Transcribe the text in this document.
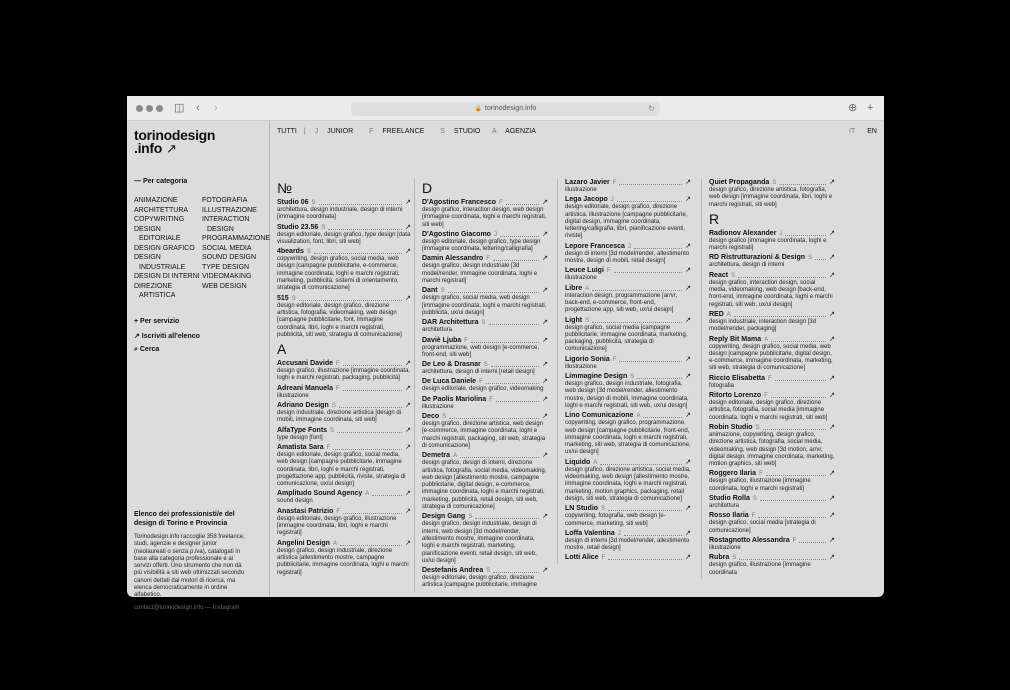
◫ ‹ ›	🔒 torinodesign.info	↻	⊕ +
torinodesign
.info ↗
— Per categoria
ANIMAZIONE
ARCHITETTURA
COPYWRITING
DESIGN
EDITORIALE
DESIGN GRAFICO
DESIGN
INDUSTRIALE
DESIGN DI INTERNI
DIREZIONE
ARTISTICA
FOTOGRAFIA
ILLUSTRAZIONE
INTERACTION
DESIGN
PROGRAMMAZIONE
SOCIAL MEDIA
SOUND DESIGN
TYPE DESIGN
VIDEOMAKING
WEB DESIGN
+ Per servizio
↗ Iscriviti all'elenco
⌕ Cerca
Elenco dei professionisti/e del design di Torino e Provincia
Torinodesign.info raccoglie 358 freelance, studi, agenzie e designer junior (neolaureati o senza p.iva), catalogati in base alla categoria professionale e ai servizi offerti. Uno strumento che non dà più visibilità a siti web ottimizzati secondo canoni dettati dai motori di ricerca, ma elenca democraticamente in ordine alfabetico.
contact@torinodesign.info — Instagram
TUTTI | J JUNIOR F FREELANCE S STUDIO A AGENZIA	IT EN
№
Studio 06 S	↗
architettura, design industriale, design di interni [immagine coordinata]
Studio 23.56 S	↗
design editoriale, design grafico, type design [data visualization, font, libri, siti web]
4beards S	↗
copywriting, design grafico, social media, web design [campagne pubblicitarie, e-commerce, immagine coordinata, loghi e marchi registrati, marketing, pubblicità, sistemi di orientamento, strategia di comunicazione]
515 S	↗
design editoriale, design grafico, direzione artistica, fotografia, videomaking, web design [campagne pubblicitarie, font, immagine coordinata, libri, loghi e marchi registrati, pubblicità, siti web, strategia di comunicazione]
A
Accusani Davide F	↗
design grafico, illustrazione [immagine coordinata, loghi e marchi registrati, packaging, pubblicità]
Adreani Manuela F	↗
illustrazione
Adriano Design S	↗
design industriale, direzione artistica [design di mobili, immagine coordinata, siti web]
AlfaType Fonts S	↗
type design [font]
Amatista Sara F	↗
design editoriale, design grafico, social media, web design [campagne pubblicitarie, immagine coordinata, libri, loghi e marchi registrati, progettazione app, pubblicità, riviste, strategia di comunicazione, ux/ui design]
Amplitudo Sound Agency A	↗
sound design
Anastasi Patrizio F	↗
design editoriale, design grafico, illustrazione [immagine coordinata, libri, loghi e marchi registrati]
Angelini Design A	↗
design grafico, design industriale, direzione artistica [allestimento mostre, campagne pubblicitarie, immagine coordinata, loghi e marchi registrati]
D
D'Agostino Francesco F	↗
design grafico, interaction design, web design [immagine coordinata, loghi e marchi registrati, siti web]
D'Agostino Giacomo J	↗
design editoriale, design grafico, type design [immagine coordinata, lettering/calligrafia]
Damin Alessandro F	↗
design grafico, design industriale [3d model/render, immagine coordinata, loghi e marchi registrati]
Dant S	↗
design grafico, social media, web design [immagine coordinata, loghi e marchi registrati, pubblicità, ux/ui design]
DAR Architettura S	↗
architettura
Daviè Ljuba F	↗
programmazione, web design [e-commerce, front-end, siti web]
De Leo & Drasnar S	↗
architettura, design di interni [retail design]
De Luca Daniele F	↗
design editoriale, design grafico, videomaking
De Paolis Mariolina F	↗
illustrazione
Deco S	↗
design grafico, direzione artistica, web design [e-commerce, immagine coordinata, loghi e marchi registrati, packaging, siti web, strategia di comunicazione]
Demetra A	↗
design grafico, design di interni, direzione artistica, fotografia, social media, videomaking, web design [allestimento mostre, campagne pubblicitarie, digital design, e-commerce, immagine coordinata, loghi e marchi registrati, marketing, pubblicità, retail design, siti web, strategia di comunicazione]
Design Gang S	↗
design grafico, design industriale, design di interni, web design [3d model/render, allestimento mostre, immagine coordinata, loghi e marchi registrati, marketing, pianificazione eventi, retail design, siti web, ux/ui design]
Destefanis Andrea S	↗
design editoriale, design grafico, direzione artistica [campagne pubblicitarie, immagine
Lazaro Javier F	↗
illustrazione
Lega Jacopo J	↗
design editoriale, design grafico, direzione artistica, illustrazione [campagne pubblicitarie, digital design, immagine coordinata, lettering/calligrafia, libri, pianificazione eventi, riviste]
Lepore Francesca J	↗
design di interni [3d model/render, allestimento mostre, design di mobili, retail design]
Leuce Luigi F	↗
illustrazione
Libre A	↗
interaction design, programmazione [ar/vr, back-end, e-commerce, front-end, progettazione app, siti web, ux/ui design]
Light S	↗
design grafico, social media [campagne pubblicitarie, immagine coordinata, marketing, packaging, pubblicità, strategia di comunicazione]
Ligorio Sonia F	↗
illustrazione
Limmagine Design S	↗
design grafico, design industriale, fotografia, web design [3d model/render, allestimento mostre, design di mobili, immagine coordinata, loghi e marchi registrati, siti web, ux/ui design]
Lino Comunicazione A	↗
copywriting, design grafico, programmazione, web design [campagne pubblicitarie, front-end, immagine coordinata, loghi e marchi registrati, marketing, siti web, strategia di comunicazione, ux/ui design]
Liquido A	↗
design grafico, direzione artistica, social media, videomaking, web design [allestimento mostre, immagine coordinata, loghi e marchi registrati, marketing, motion graphics, packaging, retail design, siti web, strategia di comunicazione]
LN Studio S	↗
copywriting, fotografia, web design [e-commerce, marketing, siti web]
Loffa Valentina J	↗
design di interni [3d model/render, allestimento mostre, retail design]
Lotti Alice F	↗
Quiet Propaganda S	↗
design grafico, direzione artistica, fotografia, web design [immagine coordinata, libri, loghi e marchi registrati, siti web]
R
Radionov Alexander J	↗
design grafico [immagine coordinata, loghi e marchi registrati]
RD Ristrutturazioni & Design S ↗
architettura, design di interni
React S	↗
design grafico, interaction design, social media, videomaking, web design [back-end, front-end, immagine coordinata, loghi e marchi registrati, siti web, ux/ui design]
RED A	↗
design industriale, interaction design [3d model/render, packaging]
Reply Bit Mama A	↗
copywriting, design grafico, social media, web design [campagne pubblicitarie, digital design, e-commerce, immagine coordinata, marketing, siti web, strategia di comunicazione]
Riccio Elisabetta F	↗
fotografia
Ritorto Lorenzo F	↗
design editoriale, design grafico, direzione artistica, fotografia, social media [immagine coordinata, loghi e marchi registrati, siti web]
Robin Studio S	↗
animazione, copywriting, design grafico, direzione artistica, fotografia, social media, videomaking, web design [3d motion, ar/vr, digital design, immagine coordinata, marketing, motion graphics, siti web]
Roggero Ilaria F	↗
design grafico, illustrazione [immagine coordinata, loghi e marchi registrati]
Studio Rolla S	↗
architettura
Rosso Ilaria F	↗
design grafico, social media [strategia di comunicazione]
Rostagnotto Alessandra F	↗
illustrazione
Rubra S	↗
design grafico, illustrazione [immagine coordinata
